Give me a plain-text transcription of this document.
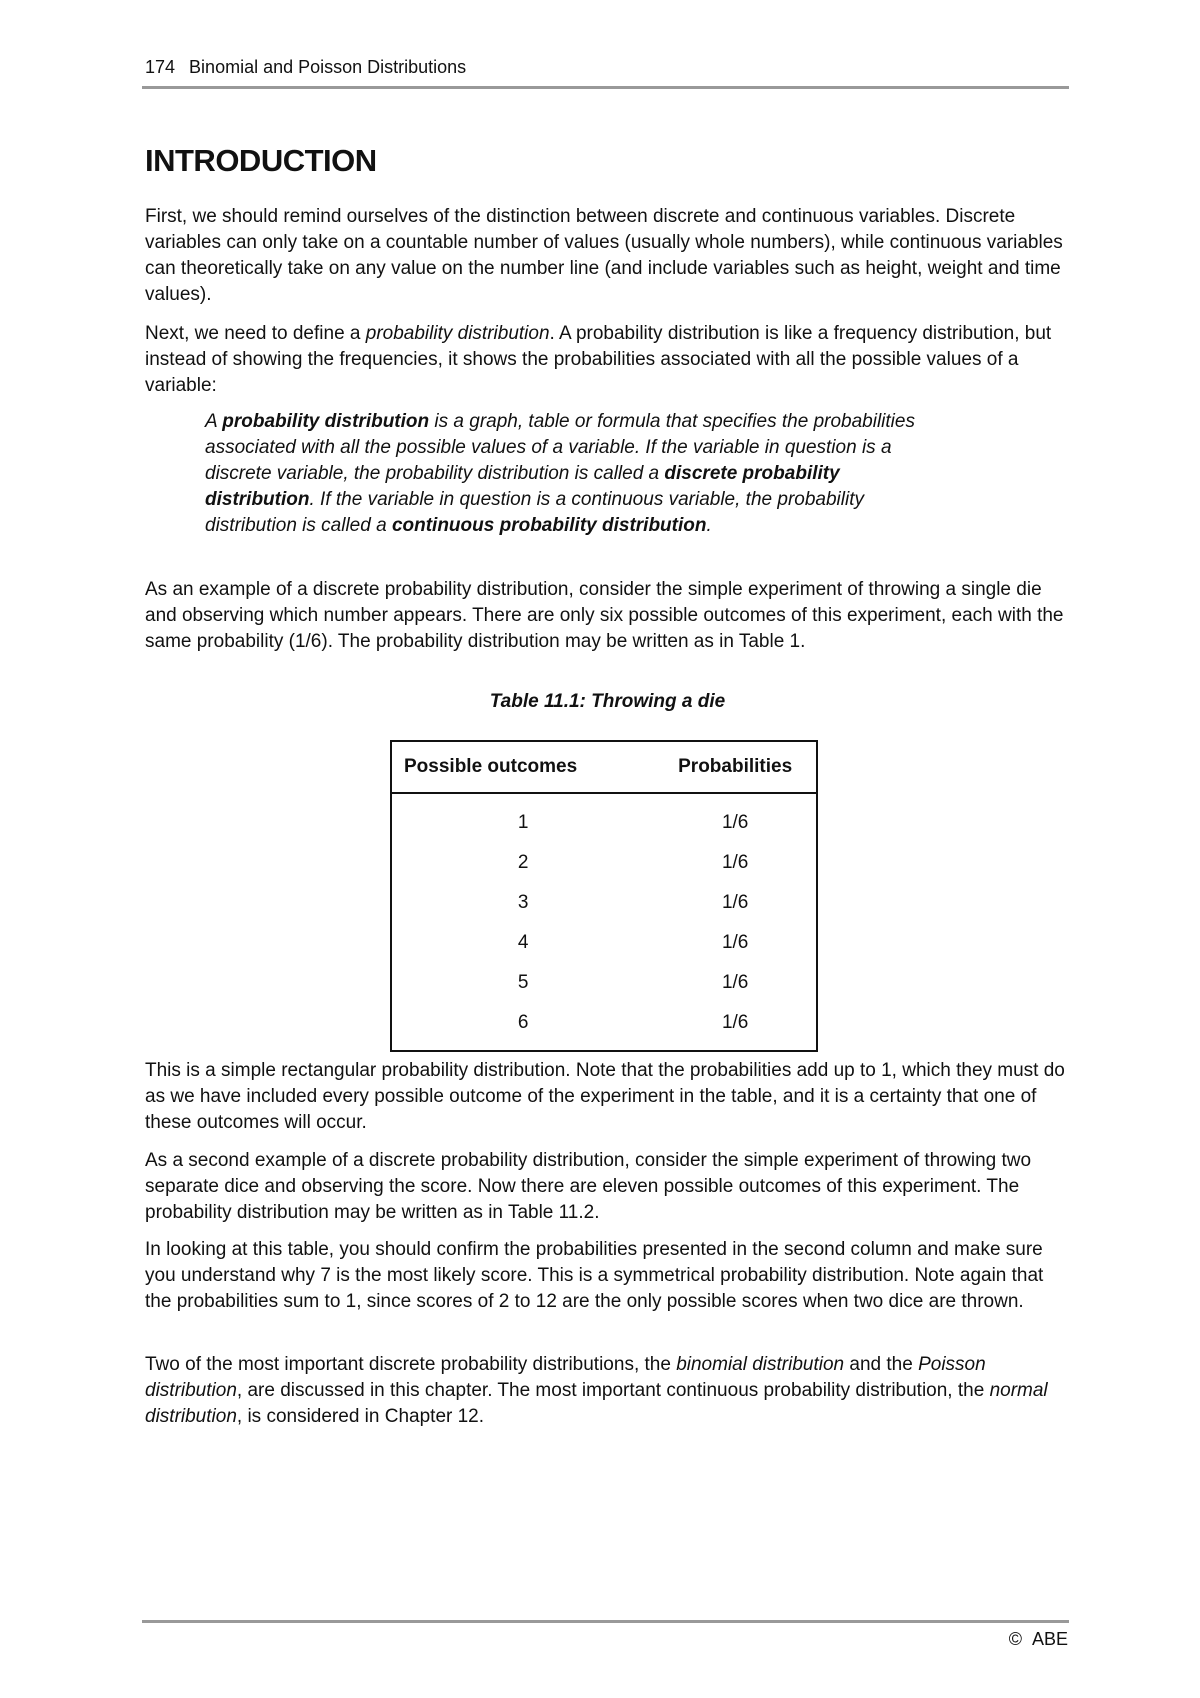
174 Binomial and Poisson Distributions
INTRODUCTION

First, we should remind ourselves of the distinction between discrete and continuous variables. Discrete variables can only take on a countable number of values (usually whole numbers), while continuous variables can theoretically take on any value on the number line (and include variables such as height, weight and time values).

Next, we need to define a probability distribution. A probability distribution is like a frequency distribution, but instead of showing the frequencies, it shows the probabilities associated with all the possible values of a variable:

A probability distribution is a graph, table or formula that specifies the probabilities associated with all the possible values of a variable. If the variable in question is a discrete variable, the probability distribution is called a discrete probability distribution. If the variable in question is a continuous variable, the probability distribution is called a continuous probability distribution.

As an example of a discrete probability distribution, consider the simple experiment of throwing a single die and observing which number appears. There are only six possible outcomes of this experiment, each with the same probability (1/6). The probability distribution may be written as in Table 1.

Table 11.1: Throwing a die
Possible outcomes	Probabilities
1	1/6
2	1/6
3	1/6
4	1/6
5	1/6
6	1/6

This is a simple rectangular probability distribution. Note that the probabilities add up to 1, which they must do as we have included every possible outcome of the experiment in the table, and it is a certainty that one of these outcomes will occur.

As a second example of a discrete probability distribution, consider the simple experiment of throwing two separate dice and observing the score. Now there are eleven possible outcomes of this experiment. The probability distribution may be written as in Table 11.2.

In looking at this table, you should confirm the probabilities presented in the second column and make sure you understand why 7 is the most likely score. This is a symmetrical probability distribution. Note again that the probabilities sum to 1, since scores of 2 to 12 are the only possible scores when two dice are thrown.

Two of the most important discrete probability distributions, the binomial distribution and the Poisson distribution, are discussed in this chapter. The most important continuous probability distribution, the normal distribution, is considered in Chapter 12.

© ABE
